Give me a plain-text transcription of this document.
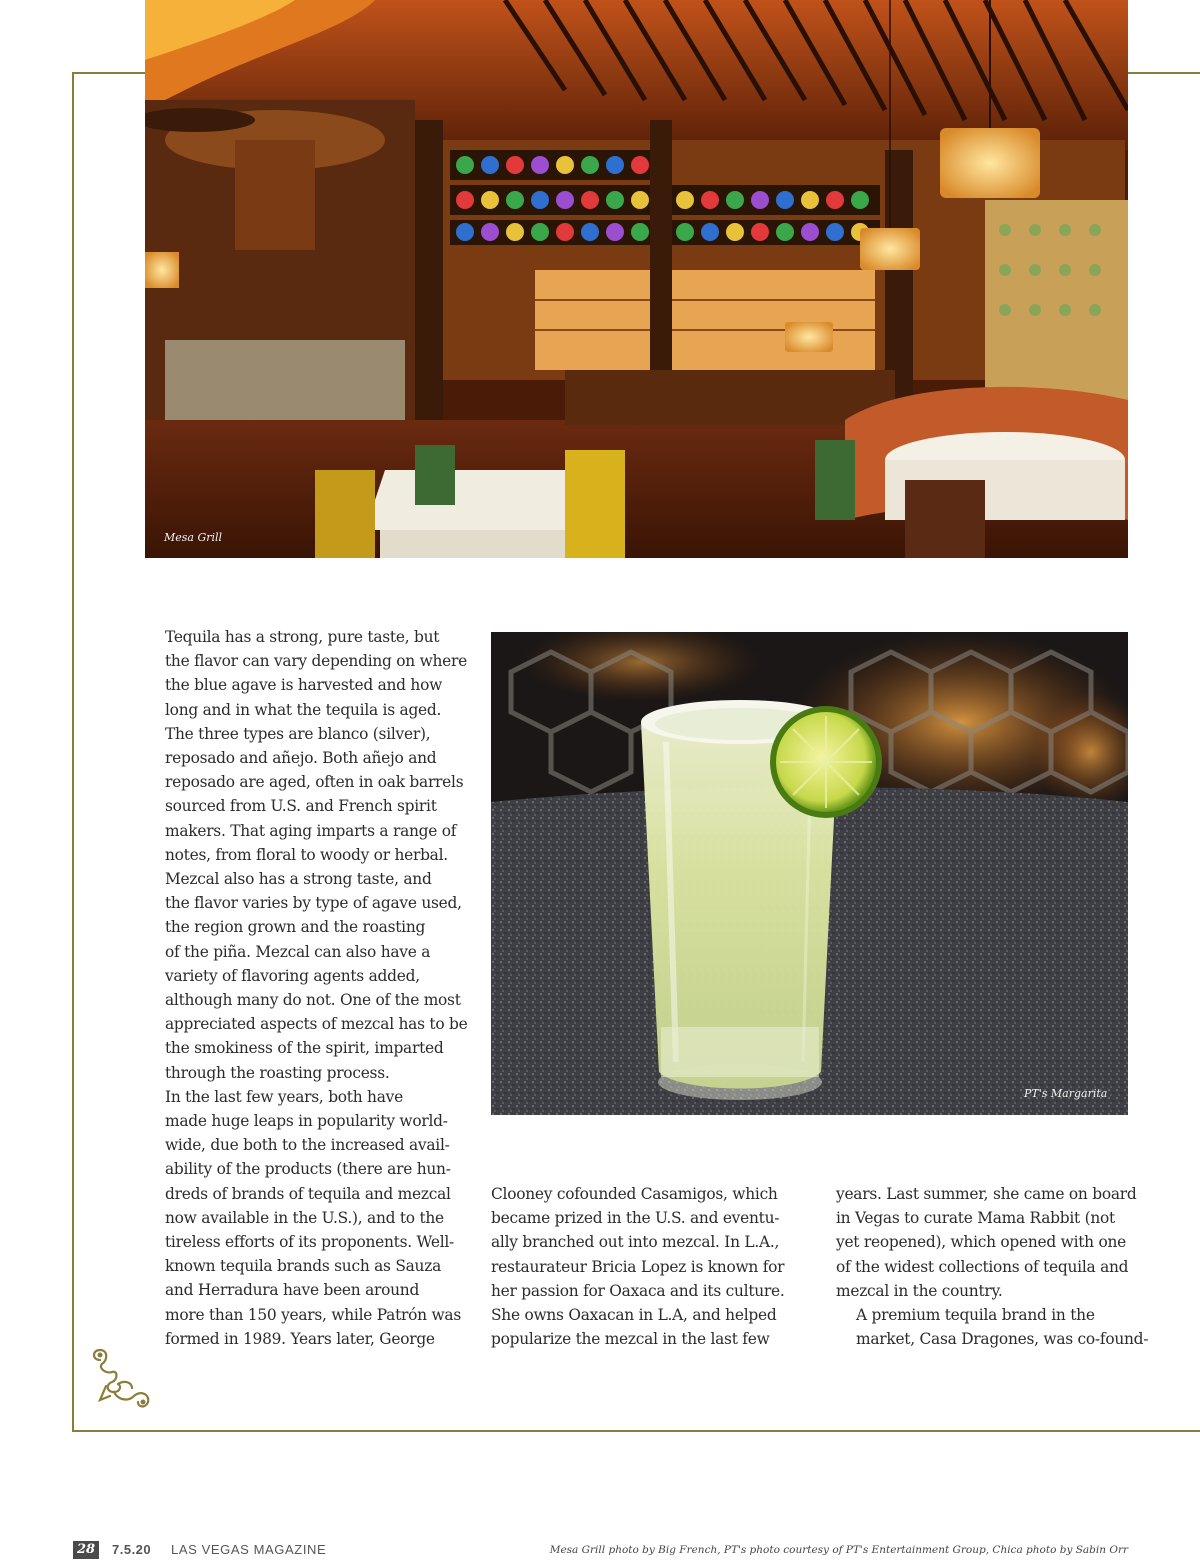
Mesa Grill
PT's Margarita

Tequila has a strong, pure taste, but
the flavor can vary depending on where
the blue agave is harvested and how
long and in what the tequila is aged.
The three types are blanco (silver),
reposado and añejo. Both añejo and
reposado are aged, often in oak barrels
sourced from U.S. and French spirit
makers. That aging imparts a range of
notes, from floral to woody or herbal.

Mezcal also has a strong taste, and
the flavor varies by type of agave used,
the region grown and the roasting
of the piña. Mezcal can also have a
variety of flavoring agents added,
although many do not. One of the most
appreciated aspects of mezcal has to be
the smokiness of the spirit, imparted
through the roasting process.

In the last few years, both have
made huge leaps in popularity world-
wide, due both to the increased avail-
ability of the products (there are hun-
dreds of brands of tequila and mezcal
now available in the U.S.), and to the
tireless efforts of its proponents. Well-
known tequila brands such as Sauza
and Herradura have been around
more than 150 years, while Patrón was
formed in 1989. Years later, George

Clooney cofounded Casamigos, which
became prized in the U.S. and eventu-
ally branched out into mezcal. In L.A.,
restaurateur Bricia Lopez is known for
her passion for Oaxaca and its culture.
She owns Oaxacan in L.A, and helped
popularize the mezcal in the last few

years. Last summer, she came on board
in Vegas to curate Mama Rabbit (not
yet reopened), which opened with one
of the widest collections of tequila and
mezcal in the country.

A premium tequila brand in the
market, Casa Dragones, was co-found-

28	7.5.20 LAS VEGAS MAGAZINE	Mesa Grill photo by Big French, PT's photo courtesy of PT's Entertainment Group, Chica photo by Sabin Orr
